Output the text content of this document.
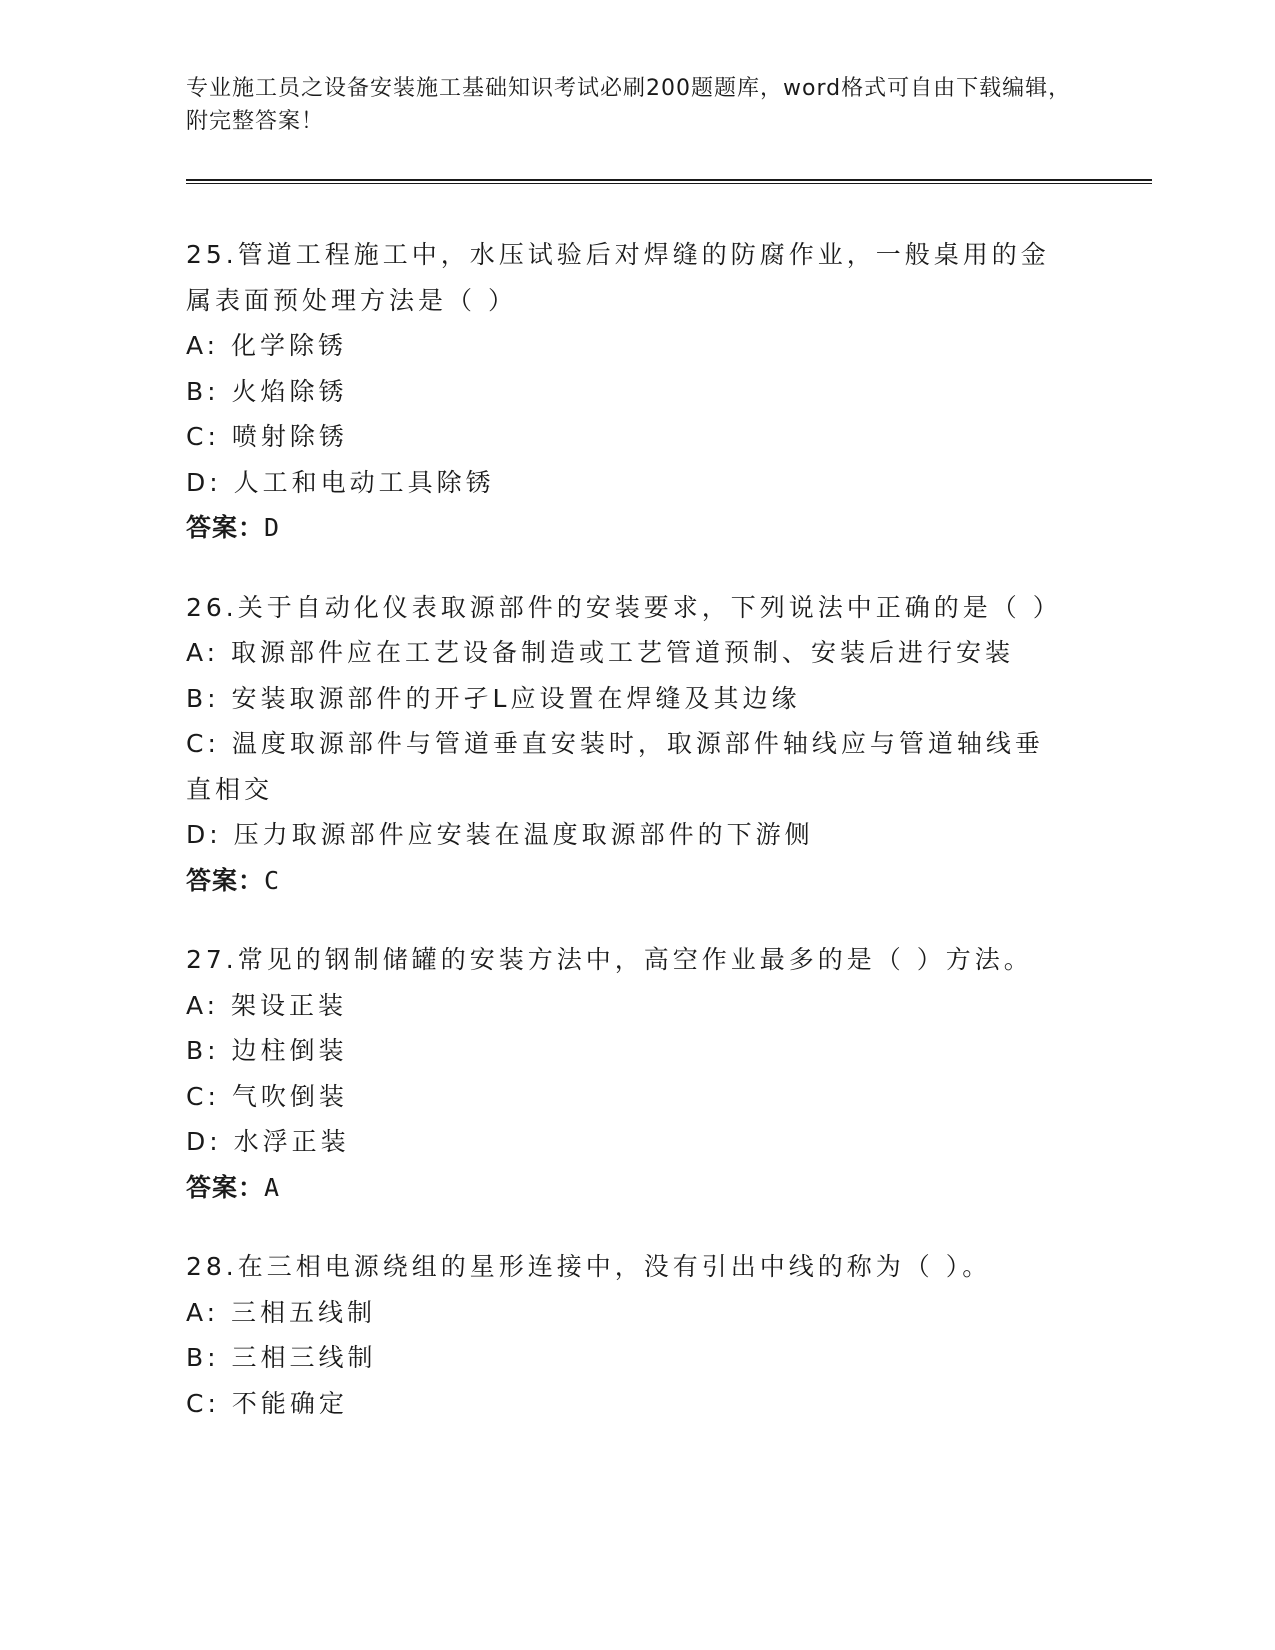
专业施工员之设备安装施工基础知识考试必刷200题题库，word格式可自由下载编辑，附完整答案！
25.管道工程施工中，水压试验后对焊缝的防腐作业，一般桌用的金属表面预处理方法是（ ）
A: 化学除锈
B: 火焰除锈
C: 喷射除锈
D: 人工和电动工具除锈
答案：D
26.关于自动化仪表取源部件的安装要求，下列说法中正确的是（ ）
A: 取源部件应在工艺设备制造或工艺管道预制、安装后进行安装
B: 安装取源部件的开孑L应设置在焊缝及其边缘
C: 温度取源部件与管道垂直安装时，取源部件轴线应与管道轴线垂直相交
D: 压力取源部件应安装在温度取源部件的下游侧
答案：C
27.常见的钢制储罐的安装方法中，高空作业最多的是（ ）方法。
A: 架设正装
B: 边柱倒装
C: 气吹倒装
D: 水浮正装
答案：A
28.在三相电源绕组的星形连接中，没有引出中线的称为（ ）。
A: 三相五线制
B: 三相三线制
C: 不能确定
